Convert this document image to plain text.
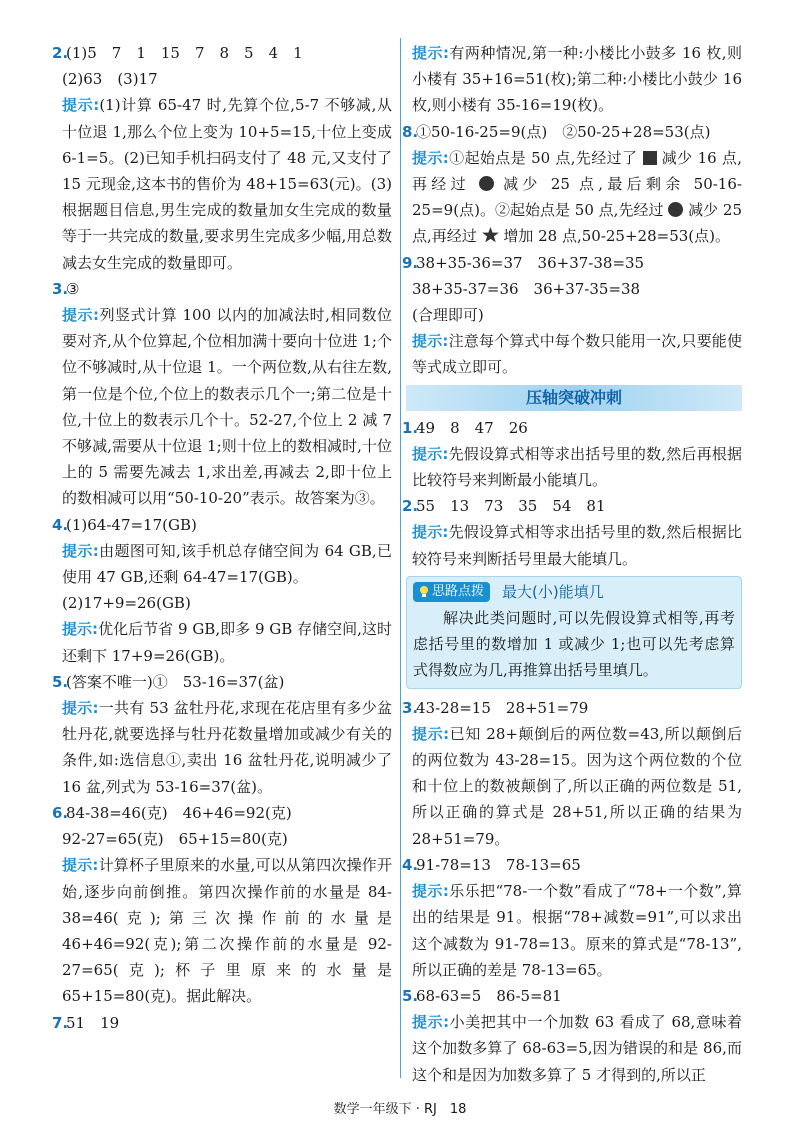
2.(1)5　7　1　15　7　8　5　4　1
(2)63　(3)17

提示:(1)计算 65-47 时,先算个位,5-7 不够减,从十位退 1,那么个位上变为 10+5=15,十位上变成 6-1=5。(2)已知手机扫码支付了 48 元,又支付了 15 元现金,这本书的售价为 48+15=63(元)。(3)根据题目信息,男生完成的数量加女生完成的数量等于一共完成的数量,要求男生完成多少幅,用总数减去女生完成的数量即可。

3.③

提示:列竖式计算 100 以内的加减法时,相同数位要对齐,从个位算起,个位相加满十要向十位进 1;个位不够减时,从十位退 1。一个两位数,从右往左数,第一位是个位,个位上的数表示几个一;第二位是十位,十位上的数表示几个十。52-27,个位上 2 减 7 不够减,需要从十位退 1;则十位上的数相减时,十位上的 5 需要先减去 1,求出差,再减去 2,即十位上的数相减可以用“50-10-20”表示。故答案为③。

4.(1)64-47=17(GB)

提示:由题图可知,该手机总存储空间为 64 GB,已使用 47 GB,还剩 64-47=17(GB)。

(2)17+9=26(GB)

提示:优化后节省 9 GB,即多 9 GB 存储空间,这时还剩下 17+9=26(GB)。

5.(答案不唯一)①　53-16=37(盆)

提示:一共有 53 盆牡丹花,求现在花店里有多少盆牡丹花,就要选择与牡丹花数量增加或减少有关的条件,如:选信息①,卖出 16 盆牡丹花,说明减少了 16 盆,列式为 53-16=37(盆)。

6.84-38=46(克)　46+46=92(克)
92-27=65(克)　65+15=80(克)

提示:计算杯子里原来的水量,可以从第四次操作开始,逐步向前倒推。第四次操作前的水量是 84-38=46(克);第三次操作前的水量是 46+46=92(克);第二次操作前的水量是 92-27=65(克);杯子里原来的水量是 65+15=80(克)。据此解决。

7.51　19

提示:有两种情况,第一种:小楼比小鼓多 16 枚,则小楼有 35+16=51(枚);第二种:小楼比小鼓少 16 枚,则小楼有 35-16=19(枚)。

8.①50-16-25=9(点)　②50-25+28=53(点)

提示:①起始点是 50 点,先经过了 减少 16 点,再经过 减少 25 点,最后剩余 50-16-25=9(点)。②起始点是 50 点,先经过 减少 25 点,再经过 增加 28 点,50-25+28=53(点)。

9.38+35-36=37　36+37-38=35
38+35-37=36　36+37-35=38
(合理即可)

提示:注意每个算式中每个数只能用一次,只要能使等式成立即可。

压轴突破冲刺
1.49　8　47　26

提示:先假设算式相等求出括号里的数,然后再根据比较符号来判断最小能填几。

2.55　13　73　35　54　81

提示:先假设算式相等求出括号里的数,然后根据比较符号来判断括号里最大能填几。

思路点拨 最大(小)能填几
解决此类问题时,可以先假设算式相等,再考虑括号里的数增加 1 或减少 1;也可以先考虑算式得数应为几,再推算出括号里填几。
3.43-28=15　28+51=79

提示:已知 28+颠倒后的两位数=43,所以颠倒后的两位数为 43-28=15。因为这个两位数的个位和十位上的数被颠倒了,所以正确的两位数是 51,所以正确的算式是 28+51,所以正确的结果为 28+51=79。

4.91-78=13　78-13=65

提示:乐乐把“78-一个数”看成了“78+一个数”,算出的结果是 91。根据“78+减数=91”,可以求出这个减数为 91-78=13。原来的算式是“78-13”,所以正确的差是 78-13=65。

5.68-63=5　86-5=81

提示:小美把其中一个加数 63 看成了 68,意味着这个加数多算了 68-63=5,因为错误的和是 86,而这个和是因为加数多算了 5 才得到的,所以正

数学一年级下 · RJ　18
